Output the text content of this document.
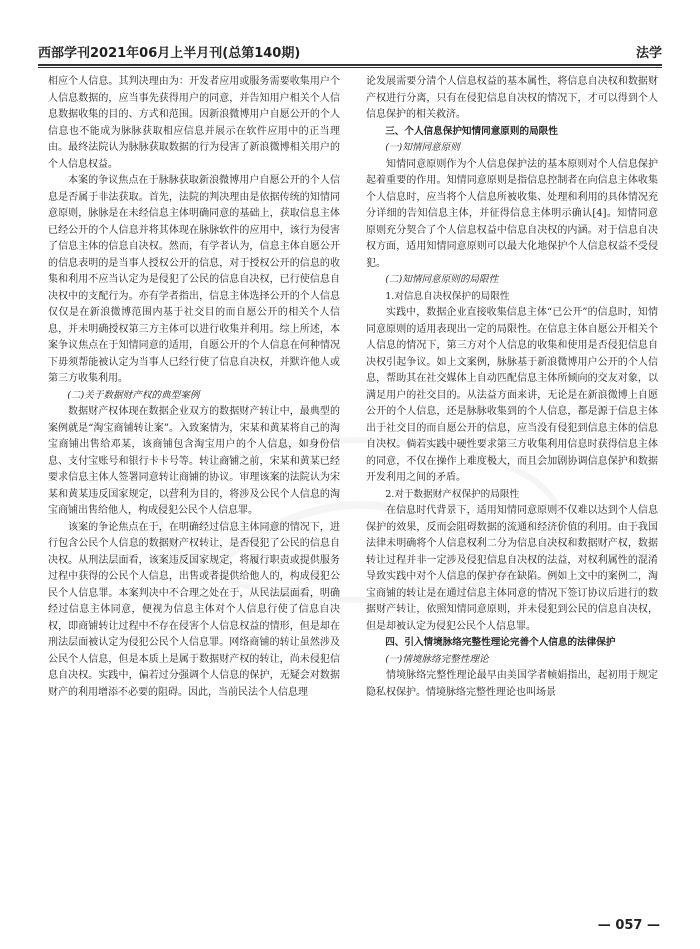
西部学刊2021年06月上半月刊(总第140期)	法学

相应个人信息。其判决理由为：开发者应用或服务需要收集用户个人信息数据的，应当事先获得用户的同意，并告知用户相关个人信息数据收集的目的、方式和范围。因新浪微博用户自愿公开的个人信息也不能成为脉脉获取相应信息并展示在软件应用中的正当理由。最终法院认为脉脉获取数据的行为侵害了新浪微博相关用户的个人信息权益。

本案的争议焦点在于脉脉获取新浪微博用户自愿公开的个人信息是否属于非法获取。首先，法院的判决理由是依据传统的知情同意原则，脉脉是在未经信息主体明确同意的基础上，获取信息主体已经公开的个人信息并将其体现在脉脉软件的应用中，该行为侵害了信息主体的信息自决权。然而，有学者认为，信息主体自愿公开的信息表明的是当事人授权公开的信息，对于授权公开的信息的收集和利用不应当认定为是侵犯了公民的信息自决权，已行使信息自决权中的支配行为。亦有学者指出，信息主体选择公开的个人信息仅仅是在新浪微博范围内基于社交目的而自愿公开的相关个人信息，并未明确授权第三方主体可以进行收集并利用。综上所述，本案争议焦点在于知情同意的适用，自愿公开的个人信息在何种情况下毋须帮能被认定为当事人已经行使了信息自决权，并默许他人或第三方收集利用。

(二)关于数据财产权的典型案例

数据财产权体现在数据企业双方的数据财产转让中，最典型的案例就是“淘宝商铺转让案”。入致案情为，宋某和黄某将自己的淘宝商铺出售给邓某，该商铺包含淘宝用户的个人信息，如身份信息、支付宝账号和银行卡卡号等。转让商铺之前，宋某和黄某已经要求信息主体人签署同意转让商铺的协议。审理该案的法院认为宋某和黄某违反国家规定，以营利为目的，将涉及公民个人信息的淘宝商铺出售给他人，构成侵犯公民个人信息罪。

该案的争论焦点在于，在明确经过信息主体同意的情况下，进行包含公民个人信息的数据财产权转让，是否侵犯了公民的信息自决权。从刑法层面看，该案违反国家规定，将履行职责或提供服务过程中获得的公民个人信息，出售或者提供给他人的，构成侵犯公民个人信息罪。本案判决中不合理之处在于，从民法层面看，明确经过信息主体同意，便视为信息主体对个人信息行使了信息自决权，即商铺转让过程中不存在侵害个人信息权益的情形，但是却在刑法层面被认定为侵犯公民个人信息罪。网络商铺的转让虽然涉及公民个人信息，但是本质上是属于数据财产权的转让，尚未侵犯信息自决权。实践中，偏若过分强调个人信息的保护，无疑会对数据财产的利用增添不必要的阻碍。因此，当前民法个人信息理

论发展需要分清个人信息权益的基本属性，将信息自决权和数据财产权进行分离，只有在侵犯信息自决权的情况下，才可以得到个人信息保护的相关救济。

三、个人信息保护知情同意原则的局限性

(一)知情同意原则

知情同意原则作为个人信息保护法的基本原则对个人信息保护起着重要的作用。知情同意原则是指信息控制者在向信息主体收集个人信息时，应当将个人信息所被收集、处理和利用的具体情况充分详细的告知信息主体，并征得信息主体明示确认[4]。知情同意原则充分契合了个人信息权益中信息自决权的内涵。对于信息自决权方面，适用知情同意原则可以最大化地保护个人信息权益不受侵犯。

(二)知情同意原则的局限性

1.对信息自决权保护的局限性

实践中，数据企业直接收集信息主体“已公开”的信息时，知情同意原则的适用表现出一定的局限性。在信息主体自愿公开相关个人信息的情况下，第三方对个人信息的收集和使用是否侵犯信息自决权引起争议。如上文案例，脉脉基于新浪微博用户公开的个人信息，帮助其在社交媒体上自动匹配信息主体所倾向的交友对象，以满足用户的社交目的。从法益方面来讲，无论是在新浪微博上自愿公开的个人信息，还是脉脉收集到的个人信息，都是源于信息主体出于社交目的而自愿公开的信息，应当没有侵犯到信息主体的信息自决权。倘若实践中硬性要求第三方收集利用信息时获得信息主体的同意，不仅在操作上难度极大，而且会加剧协调信息保护和数据开发利用之间的矛盾。

2.对于数据财产权保护的局限性

在信息时代背景下，适用知情同意原则不仅难以达到个人信息保护的效果，反而会阻碍数据的流通和经济价值的利用。由于我国法律未明确将个人信息权利二分为信息自决权和数据财产权，数据转让过程并非一定涉及侵犯信息自决权的法益，对权利属性的混淆导致实践中对个人信息的保护存在缺陷。例如上文中的案例二，淘宝商铺的转让是在通过信息主体同意的情况下签订协议后进行的数据财产转让，依照知情同意原则，并未侵犯到公民的信息自决权，但是却被认定为侵犯公民个人信息罪。

四、引入情境脉络完整性理论完善个人信息的法律保护

(一)情境脉络完整性理论

情境脉络完整性理论最早由美国学者帧娟指出，起初用于规定隐私权保护。情境脉络完整性理论也叫场景

— 057 —
